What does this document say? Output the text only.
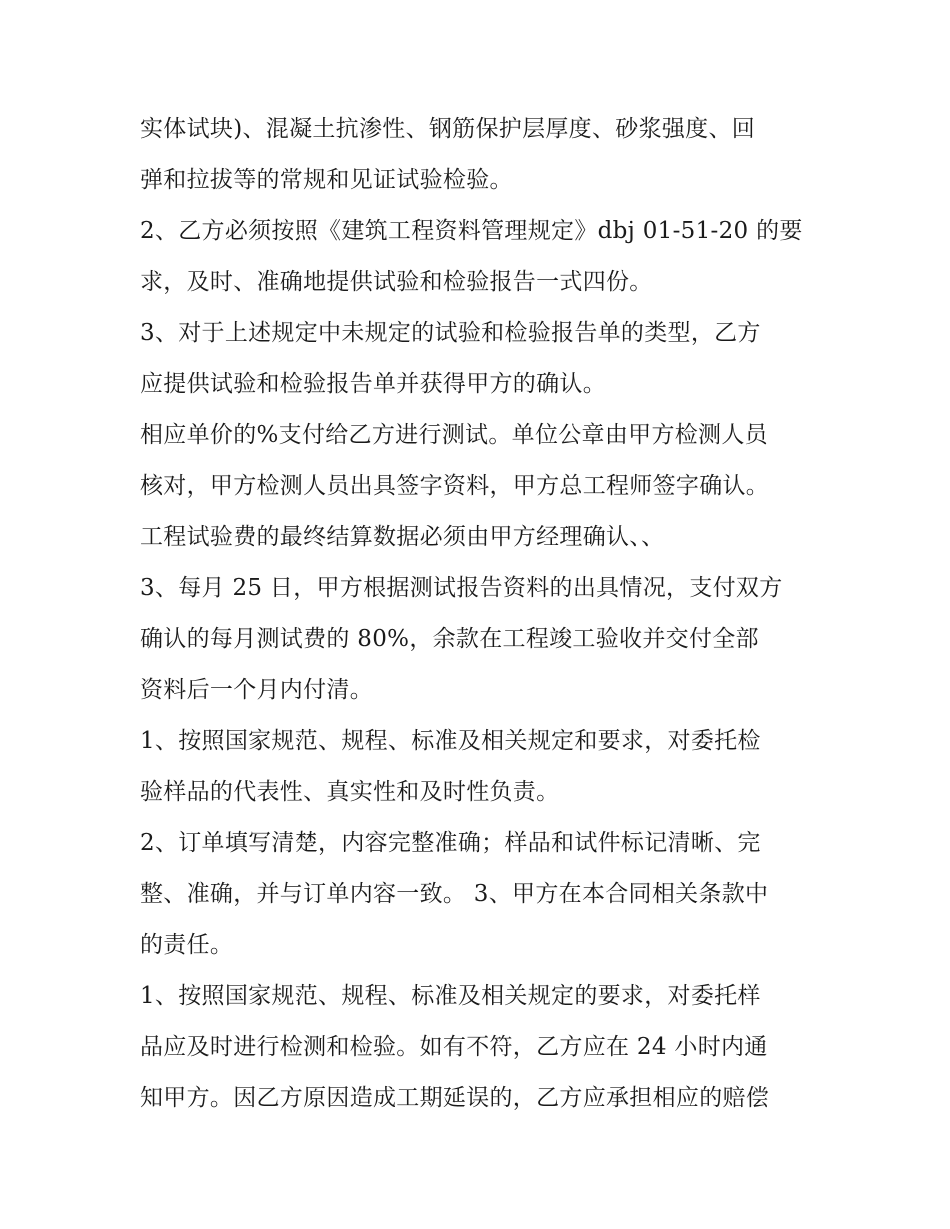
实体试块)、混凝土抗渗性、钢筋保护层厚度、砂浆强度、回
弹和拉拔等的常规和见证试验检验。
2、乙方必须按照《建筑工程资料管理规定》dbj 01-51-20 的要
求，及时、准确地提供试验和检验报告一式四份。
3、对于上述规定中未规定的试验和检验报告单的类型，乙方
应提供试验和检验报告单并获得甲方的确认。
相应单价的%支付给乙方进行测试。单位公章由甲方检测人员
核对，甲方检测人员出具签字资料，甲方总工程师签字确认。
工程试验费的最终结算数据必须由甲方经理确认、、
3、每月 25 日，甲方根据测试报告资料的出具情况，支付双方
确认的每月测试费的 80%，余款在工程竣工验收并交付全部
资料后一个月内付清。
1、按照国家规范、规程、标准及相关规定和要求，对委托检
验样品的代表性、真实性和及时性负责。
2、订单填写清楚，内容完整准确；样品和试件标记清晰、完
整、准确，并与订单内容一致。 3、甲方在本合同相关条款中
的责任。
1、按照国家规范、规程、标准及相关规定的要求，对委托样
品应及时进行检测和检验。如有不符，乙方应在 24 小时内通
知甲方。因乙方原因造成工期延误的，乙方应承担相应的赔偿
